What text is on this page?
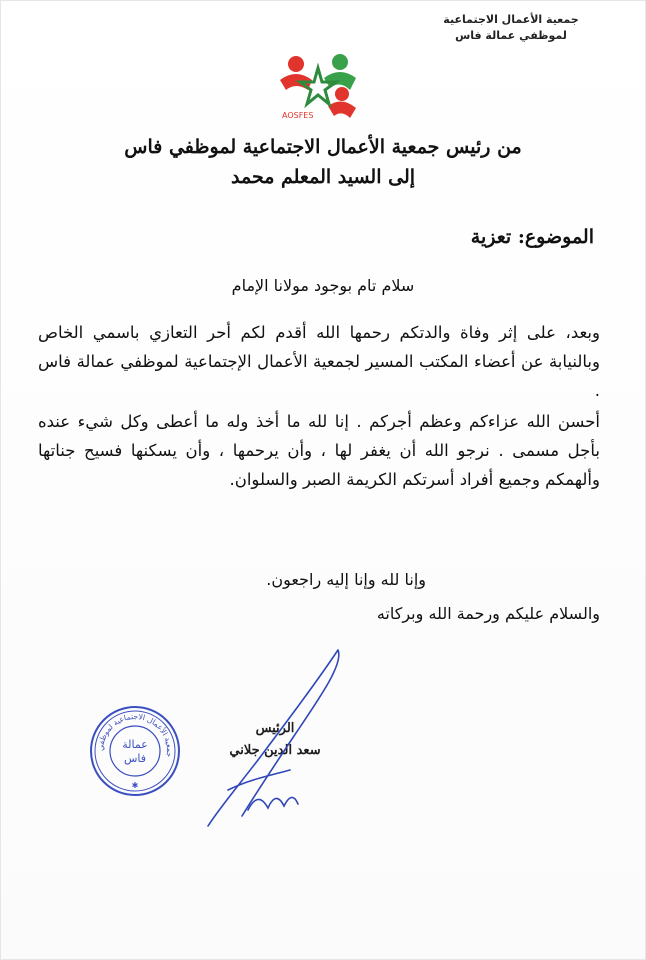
جمعية الأعمال الاجتماعية
لموظفي عمالة فاس
AOSFES
من رئيس جمعية الأعمال الاجتماعية لموظفي فاس
إلى السيد المعلم محمد
الموضوع: تعزية
سلام تام بوجود مولانا الإمام

وبعد، على إثر وفاة والدتكم رحمها الله أقدم لكم أحر التعازي باسمي الخاص وبالنيابة عن أعضاء المكتب المسير لجمعية الأعمال الإجتماعية لموظفي عمالة فاس .

أحسن الله عزاءكم وعظم أجركم . إنا لله ما أخذ وله ما أعطى وكل شيء عنده بأجل مسمى . نرجو الله أن يغفر لها ، وأن يرحمها ، وأن يسكنها فسيح جناتها وألهمكم وجميع أفراد أسرتكم الكريمة الصبر والسلوان.

وإنا لله وإنا إليه راجعون.
والسلام عليكم ورحمة الله وبركاته
جمعية الأعمال الاجتماعية لموظفي
عمالة
فاس
✱
الرئيس
سعد الدين جلاني
